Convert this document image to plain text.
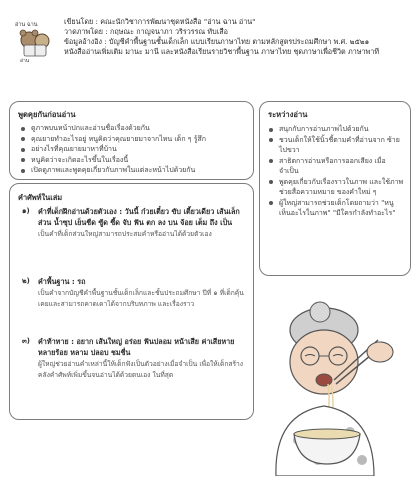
อ่าน ฉาน
อ่าน
เขียนโดย : คณะนักวิชาการพัฒนาชุดหนังสือ "อ่าน ฉาน อ่าน"
วาดภาพโดย : กฤษณะ กาญจนาภา วริรวรรณ ทับเสือ
ข้อมูลอ้างอิง : บัญชีคำพื้นฐานชั้นเด็กเล็ก แบบเรียนภาษาไทย ตามหลักสูตรประถมศึกษา พ.ศ. ๒๕๒๑
หนังสืออ่านเพิ่มเติม มานะ มานี และหนังสือเรียนรายวิชาพื้นฐาน ภาษาไทย ชุดภาษาเพื่อชีวิต ภาษาพาที
พูดคุยกันก่อนอ่าน
ดูภาพบนหน้าปกและอ่านชื่อเรื่องด้วยกัน
คุณยายทำอะไรอยู่ หนูคิดว่าคุณยายมาจากไหน เด็ก ๆ รู้สึก
อย่างไรที่คุณยายมาหาที่บ้าน
หนูคิดว่าจะเกิดอะไรขึ้นในเรื่องนี้
เปิดดูภาพและพูดคุยเกี่ยวกับภาพในแต่ละหน้าไปด้วยกัน
ระหว่างอ่าน
สนุกกับการอ่านภาพไปด้วยกัน
ชวนเด็กให้ใช้นิ้วชี้ตามคำที่อ่านจาก ซ้ายไปขวา
สาธิตการอ่านหรือการออกเสียง เมื่อจำเป็น
พูดคุยเกี่ยวกับเรื่องราวในภาพ และใช้ภาพช่วยสื่อความหมาย ของคำใหม่ ๆ
ผู้ใหญ่สามารถช่วยเด็กโดยถามว่า "หนูเห็นอะไรในภาพ" "มีใครกำลังทำอะไร"
คำศัพท์ในเล่ม
๑)	คำที่เด็กฝึกอ่านด้วยตัวเอง : วันนี้ ก๋วยเตี๋ยว ขับ เตี้ยวเดียว เส้นเล็ก ส่วน น้ำซุป เย็นชืด ซู้ด ซี้ด จับ ฟัน ตก ลง บน จ้อย เต็ม ถึง เป็น
เป็นคำที่เด็กส่วนใหญ่สามารถประสมคำหรืออ่านได้ด้วยตัวเอง
๒)	คำพื้นฐาน : รถ
เป็นคำจากบัญชีคำพื้นฐานชั้นเด็กเล็กและชั้นประถมศึกษา ปีที่ ๑ ที่เด็กคุ้นเคยและสามารถคาดเดาได้จากบริบทภาพ และเรื่องราว
๓)	คำท้าทาย : อยาก เส้นใหญ่ อร่อย ฟันปลอม หน้าเสีย ค่าเสียหาย หลายร้อย หลาม ปลอบ ชมชื่น
ผู้ใหญ่ช่วยอ่านคำเหล่านี้ให้เด็กฟังเป็นตัวอย่างเมื่อจำเป็น เพื่อให้เด็กสร้างคลังคำศัพท์เพิ่มขึ้นจนอ่านได้ด้วยตนเอง ในที่สุด
